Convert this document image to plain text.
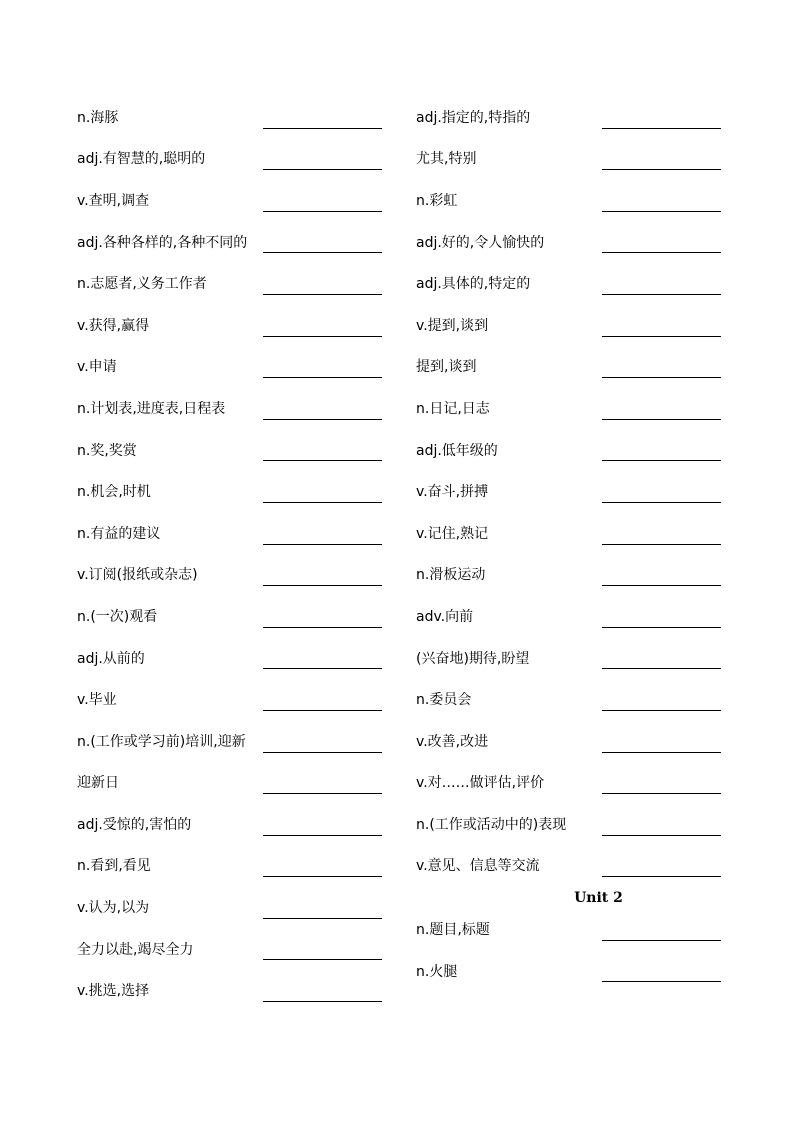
n.海豚
adj.有智慧的,聪明的
v.查明,调查
adj.各种各样的,各种不同的
n.志愿者,义务工作者
v.获得,赢得
v.申请
n.计划表,进度表,日程表
n.奖,奖赏
n.机会,时机
n.有益的建议
v.订阅(报纸或杂志)
n.(一次)观看
adj.从前的
v.毕业
n.(工作或学习前)培训,迎新
迎新日
adj.受惊的,害怕的
n.看到,看见
v.认为,以为
全力以赴,竭尽全力
v.挑选,选择
adj.指定的,特指的
尤其,特别
n.彩虹
adj.好的,令人愉快的
adj.具体的,特定的
v.提到,谈到
提到,谈到
n.日记,日志
adj.低年级的
v.奋斗,拼搏
v.记住,熟记
n.滑板运动
adv.向前
(兴奋地)期待,盼望
n.委员会
v.改善,改进
v.对……做评估,评价
n.(工作或活动中的)表现
v.意见、信息等交流
Unit 2
n.题目,标题
n.火腿
